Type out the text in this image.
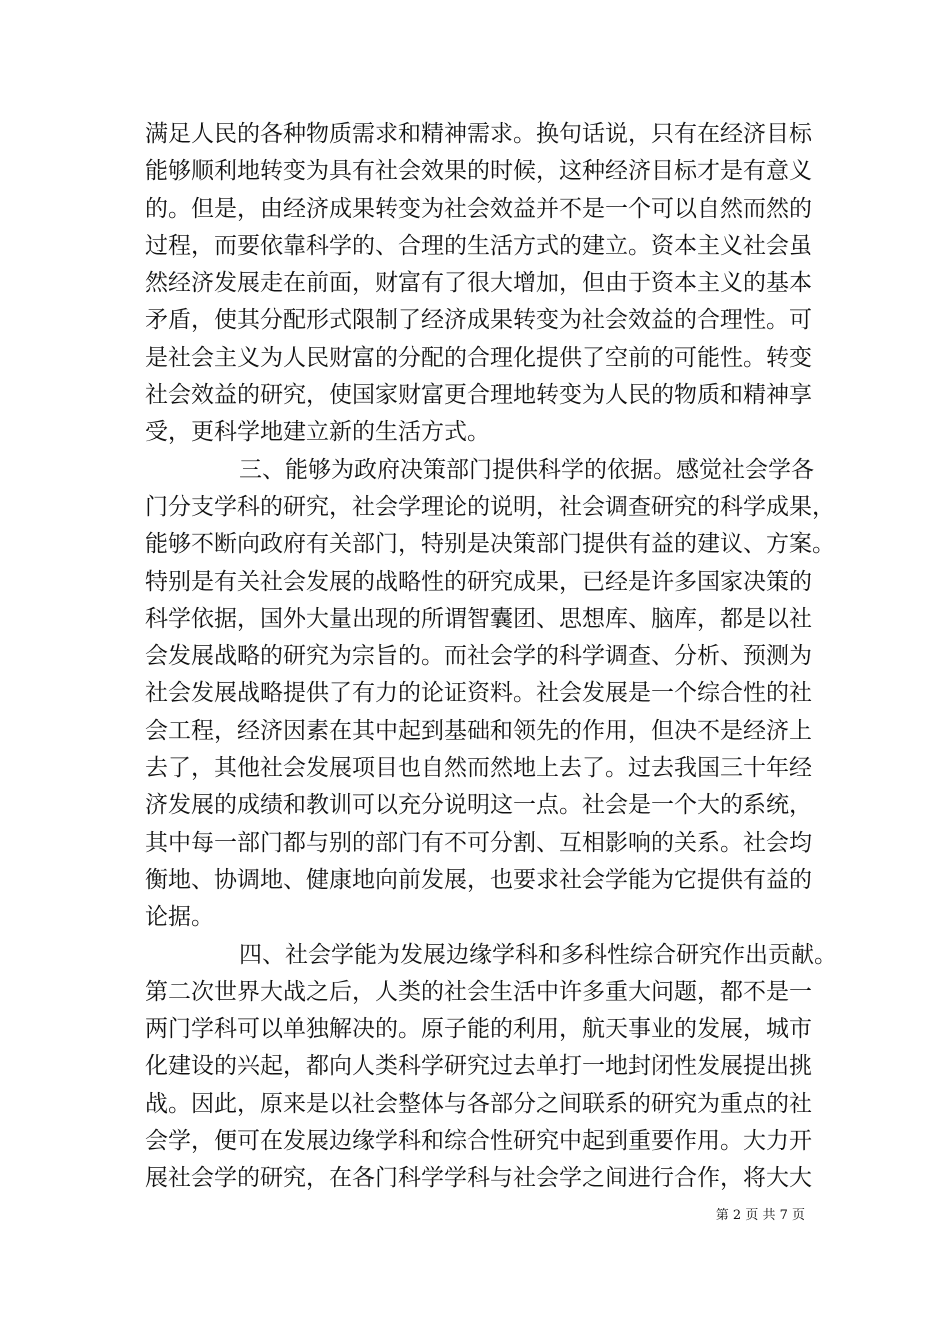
满足人民的各种物质需求和精神需求。换句话说，只有在经济目标
能够顺利地转变为具有社会效果的时候，这种经济目标才是有意义
的。但是，由经济成果转变为社会效益并不是一个可以自然而然的
过程，而要依靠科学的、合理的生活方式的建立。资本主义社会虽
然经济发展走在前面，财富有了很大增加，但由于资本主义的基本
矛盾，使其分配形式限制了经济成果转变为社会效益的合理性。可
是社会主义为人民财富的分配的合理化提供了空前的可能性。转变
社会效益的研究，使国家财富更合理地转变为人民的物质和精神享
受，更科学地建立新的生活方式。
三、能够为政府决策部门提供科学的依据。感觉社会学各
门分支学科的研究，社会学理论的说明，社会调查研究的科学成果，
能够不断向政府有关部门，特别是决策部门提供有益的建议、方案。
特别是有关社会发展的战略性的研究成果，已经是许多国家决策的
科学依据，国外大量出现的所谓智囊团、思想库、脑库，都是以社
会发展战略的研究为宗旨的。而社会学的科学调查、分析、预测为
社会发展战略提供了有力的论证资料。社会发展是一个综合性的社
会工程，经济因素在其中起到基础和领先的作用，但决不是经济上
去了，其他社会发展项目也自然而然地上去了。过去我国三十年经
济发展的成绩和教训可以充分说明这一点。社会是一个大的系统，
其中每一部门都与别的部门有不可分割、互相影响的关系。社会均
衡地、协调地、健康地向前发展，也要求社会学能为它提供有益的
论据。
四、社会学能为发展边缘学科和多科性综合研究作出贡献。
第二次世界大战之后，人类的社会生活中许多重大问题，都不是一
两门学科可以单独解决的。原子能的利用，航天事业的发展，城市
化建设的兴起，都向人类科学研究过去单打一地封闭性发展提出挑
战。因此，原来是以社会整体与各部分之间联系的研究为重点的社
会学，便可在发展边缘学科和综合性研究中起到重要作用。大力开
展社会学的研究，在各门科学学科与社会学之间进行合作，将大大
第 2 页 共 7 页
